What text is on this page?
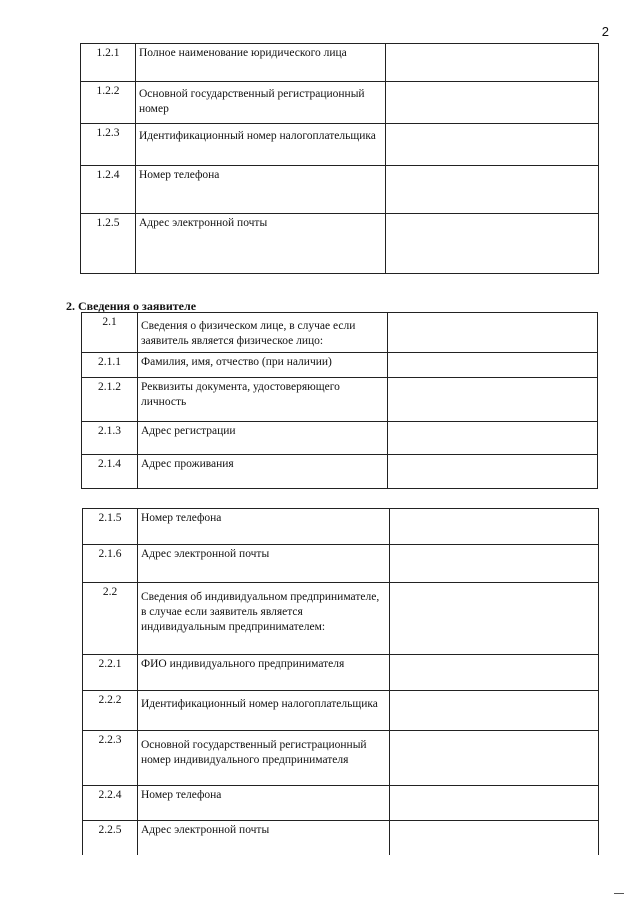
2
1.2.1	Полное наименование юридического лица	
1.2.2	Основной государственный регистрационный номер	
1.2.3	Идентификационный номер налогоплательщика	
1.2.4	Номер телефона	
1.2.5	Адрес электронной почты	
2. Сведения о заявителе
2.1	Сведения о физическом лице, в случае если заявитель является физическое лицо:	
2.1.1	Фамилия, имя, отчество (при наличии)	
2.1.2	Реквизиты документа, удостоверяющего личность	
2.1.3	Адрес регистрации	
2.1.4	Адрес проживания	
2.1.5	Номер телефона	
2.1.6	Адрес электронной почты	
2.2	Сведения об индивидуальном предпринимателе, в случае если заявитель является индивидуальным предпринимателем:	
2.2.1	ФИО индивидуального предпринимателя	
2.2.2	Идентификационный номер налогоплательщика	
2.2.3	Основной государственный регистрационный номер индивидуального предпринимателя	
2.2.4	Номер телефона	
2.2.5	Адрес электронной почты	
